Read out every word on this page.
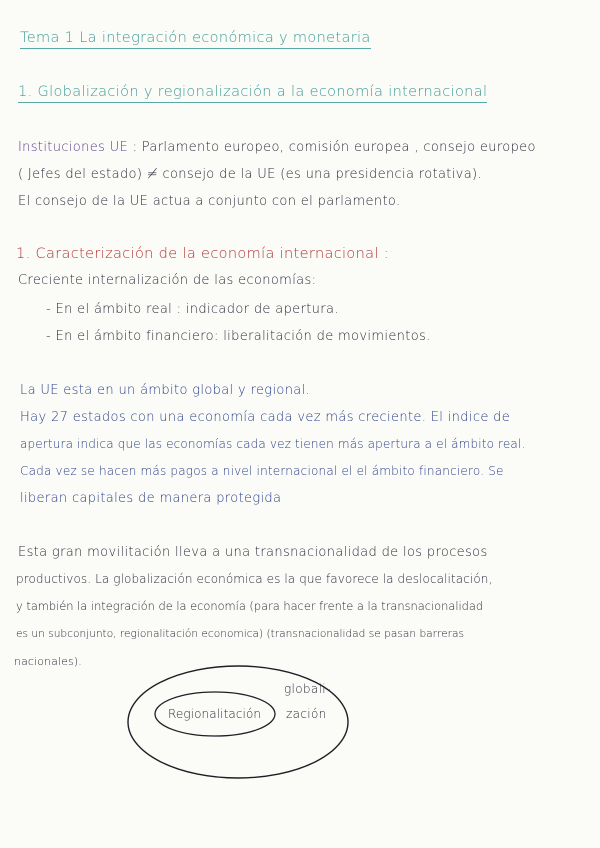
Tema 1 La integración económica y monetaria
1. Globalización y regionalización a la economía internacional
Instituciones UE : Parlamento europeo, comisión europea , consejo europeo
( Jefes del estado) ≠ consejo de la UE (es una presidencia rotativa).
El consejo de la UE actua a conjunto con el parlamento.
1. Caracterización de la economía internacional :
Creciente internalización de las economías:
- En el ámbito real : indicador de apertura.
- En el ámbito financiero: liberalitación de movimientos.
La UE esta en un ámbito global y regional.
Hay 27 estados con una economía cada vez más creciente. El indice de
apertura indica que las economías cada vez tienen más apertura a el ámbito real.
Cada vez se hacen más pagos a nivel internacional el el ámbito financiero. Se
liberan capitales de manera protegida
Esta gran movilitación lleva a una transnacionalidad de los procesos
productivos. La globalización económica es la que favorece la deslocalitación,
y también la integración de la economía (para hacer frente a la transnacionalidad
es un subconjunto, regionalitación economica) (transnacionalidad se pasan barreras
nacionales).
Regionalitación
globali-
zación
